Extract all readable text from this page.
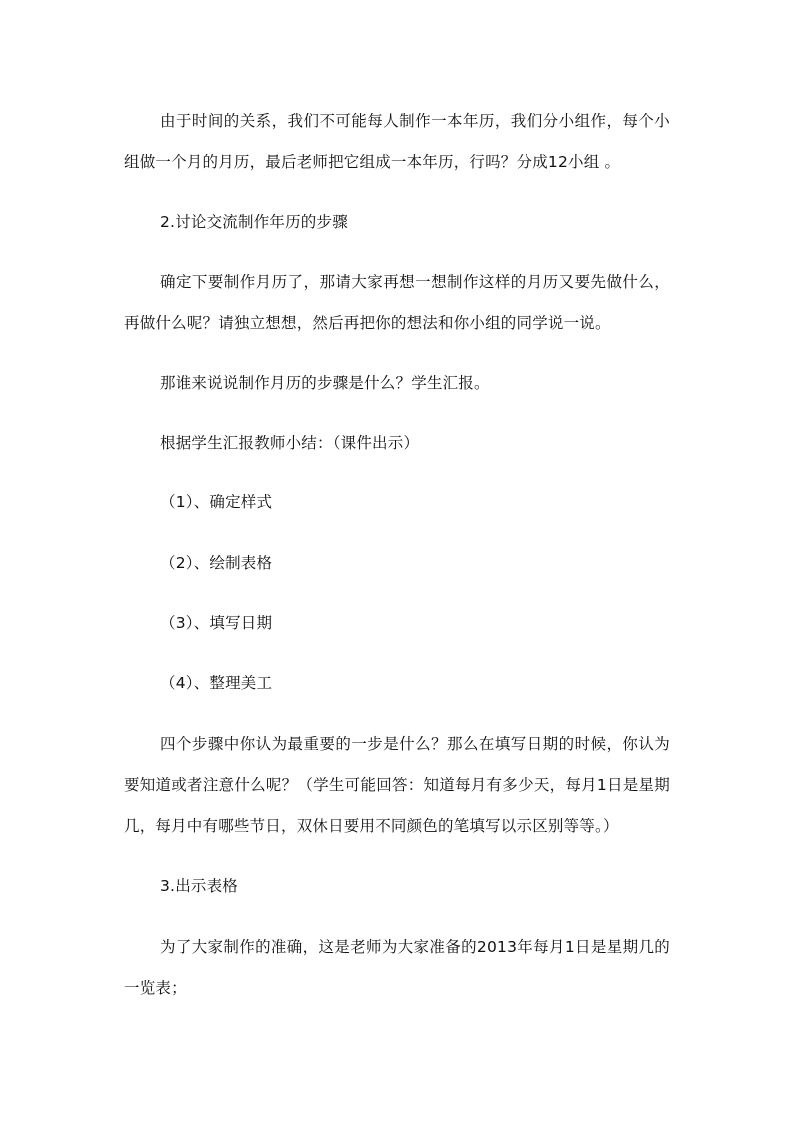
由于时间的关系，我们不可能每人制作一本年历，我们分小组作，每个小组做一个月的月历，最后老师把它组成一本年历，行吗？分成12小组 。

2.讨论交流制作年历的步骤

确定下要制作月历了，那请大家再想一想制作这样的月历又要先做什么，再做什么呢？请独立想想，然后再把你的想法和你小组的同学说一说。

那谁来说说制作月历的步骤是什么？学生汇报。

根据学生汇报教师小结：（课件出示）

（1）、确定样式

（2）、绘制表格

（3）、填写日期

（4）、整理美工

四个步骤中你认为最重要的一步是什么？那么在填写日期的时候，你认为要知道或者注意什么呢？（学生可能回答：知道每月有多少天，每月1日是星期几，每月中有哪些节日，双休日要用不同颜色的笔填写以示区别等等。）

3.出示表格

为了大家制作的准确，这是老师为大家准备的2013年每月1日是星期几的一览表；
